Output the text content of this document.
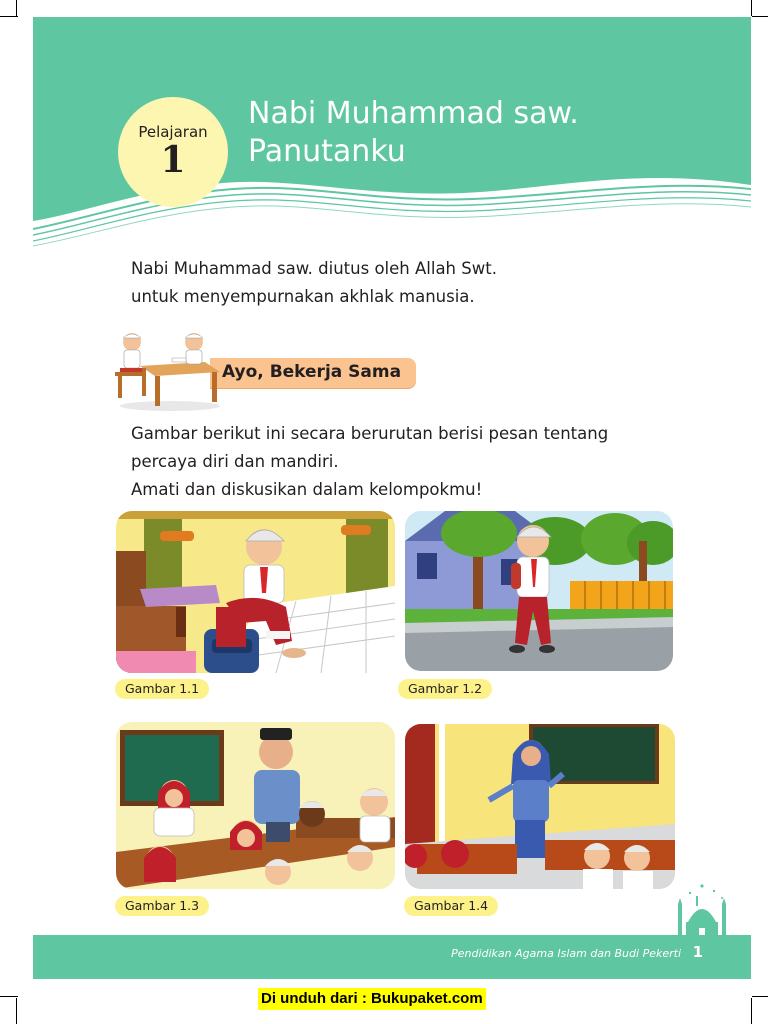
Pelajaran
1
Nabi Muhammad saw.
Panutanku
Nabi Muhammad saw. diutus oleh Allah Swt.
untuk menyempurnakan akhlak manusia.
Ayo, Bekerja Sama
Gambar berikut ini secara berurutan berisi pesan tentang
percaya diri dan mandiri.
Amati dan diskusikan dalam kelompokmu!
Gambar 1.1	Gambar 1.2
Gambar 1.3	Gambar 1.4
Pendidikan Agama Islam dan Budi Pekerti 1
Di unduh dari : Bukupaket.com
